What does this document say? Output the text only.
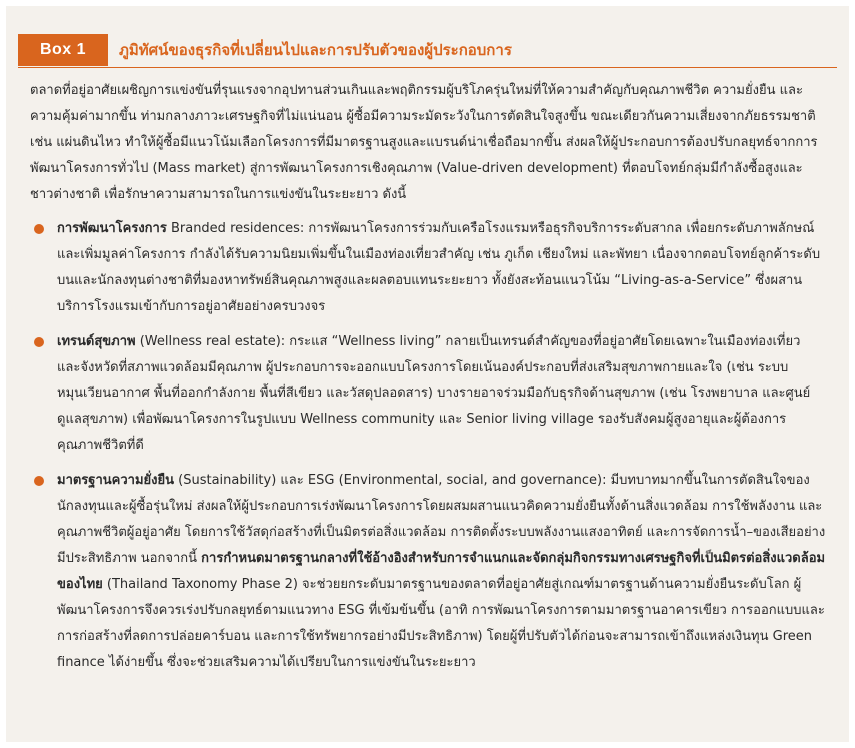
Box 1	ภูมิทัศน์ของธุรกิจที่เปลี่ยนไปและการปรับตัวของผู้ประกอบการ

ตลาดที่อยู่อาศัยเผชิญการแข่งขันที่รุนแรงจากอุปทานส่วนเกินและพฤติกรรมผู้บริโภครุ่นใหม่ที่ให้ความสำคัญกับคุณภาพชีวิต ความยั่งยืน และความคุ้มค่ามากขึ้น ท่ามกลางภาวะเศรษฐกิจที่ไม่แน่นอน ผู้ซื้อมีความระมัดระวังในการตัดสินใจสูงขึ้น ขณะเดียวกันความเสี่ยงจากภัยธรรมชาติ เช่น แผ่นดินไหว ทำให้ผู้ซื้อมีแนวโน้มเลือกโครงการที่มีมาตรฐานสูงและแบรนด์น่าเชื่อถือมากขึ้น ส่งผลให้ผู้ประกอบการต้องปรับกลยุทธ์จากการพัฒนาโครงการทั่วไป (Mass market) สู่การพัฒนาโครงการเชิงคุณภาพ (Value-driven development) ที่ตอบโจทย์กลุ่มมีกำลังซื้อสูงและชาวต่างชาติ เพื่อรักษาความสามารถในการแข่งขันในระยะยาว ดังนี้

การพัฒนาโครงการ Branded residences: การพัฒนาโครงการร่วมกับเครือโรงแรมหรือธุรกิจบริการระดับสากล เพื่อยกระดับภาพลักษณ์และเพิ่มมูลค่าโครงการ กำลังได้รับความนิยมเพิ่มขึ้นในเมืองท่องเที่ยวสำคัญ เช่น ภูเก็ต เชียงใหม่ และพัทยา เนื่องจากตอบโจทย์ลูกค้าระดับบนและนักลงทุนต่างชาติที่มองหาทรัพย์สินคุณภาพสูงและผลตอบแทนระยะยาว ทั้งยังสะท้อนแนวโน้ม “Living-as-a-Service” ซึ่งผสานบริการโรงแรมเข้ากับการอยู่อาศัยอย่างครบวงจร
เทรนด์สุขภาพ (Wellness real estate): กระแส “Wellness living” กลายเป็นเทรนด์สำคัญของที่อยู่อาศัยโดยเฉพาะในเมืองท่องเที่ยว และจังหวัดที่สภาพแวดล้อมมีคุณภาพ ผู้ประกอบการจะออกแบบโครงการโดยเน้นองค์ประกอบที่ส่งเสริมสุขภาพกายและใจ (เช่น ระบบหมุนเวียนอากาศ พื้นที่ออกกำลังกาย พื้นที่สีเขียว และวัสดุปลอดสาร) บางรายอาจร่วมมือกับธุรกิจด้านสุขภาพ (เช่น โรงพยาบาล และศูนย์ดูแลสุขภาพ) เพื่อพัฒนาโครงการในรูปแบบ Wellness community และ Senior living village รองรับสังคมผู้สูงอายุและผู้ต้องการคุณภาพชีวิตที่ดี
มาตรฐานความยั่งยืน (Sustainability) และ ESG (Environmental, social, and governance): มีบทบาทมากขึ้นในการตัดสินใจของนักลงทุนและผู้ซื้อรุ่นใหม่ ส่งผลให้ผู้ประกอบการเร่งพัฒนาโครงการโดยผสมผสานแนวคิดความยั่งยืนทั้งด้านสิ่งแวดล้อม การใช้พลังงาน และคุณภาพชีวิตผู้อยู่อาศัย โดยการใช้วัสดุก่อสร้างที่เป็นมิตรต่อสิ่งแวดล้อม การติดตั้งระบบพลังงานแสงอาทิตย์ และการจัดการน้ำ–ของเสียอย่างมีประสิทธิภาพ นอกจากนี้ การกำหนดมาตรฐานกลางที่ใช้อ้างอิงสำหรับการจำแนกและจัดกลุ่มกิจกรรมทางเศรษฐกิจที่เป็นมิตรต่อสิ่งแวดล้อมของไทย (Thailand Taxonomy Phase 2) จะช่วยยกระดับมาตรฐานของตลาดที่อยู่อาศัยสู่เกณฑ์มาตรฐานด้านความยั่งยืนระดับโลก ผู้พัฒนาโครงการจึงควรเร่งปรับกลยุทธ์ตามแนวทาง ESG ที่เข้มข้นขึ้น (อาทิ การพัฒนาโครงการตามมาตรฐานอาคารเขียว การออกแบบและการก่อสร้างที่ลดการปล่อยคาร์บอน และการใช้ทรัพยากรอย่างมีประสิทธิภาพ) โดยผู้ที่ปรับตัวได้ก่อนจะสามารถเข้าถึงแหล่งเงินทุน Green finance ได้ง่ายขึ้น ซึ่งจะช่วยเสริมความได้เปรียบในการแข่งขันในระยะยาว
